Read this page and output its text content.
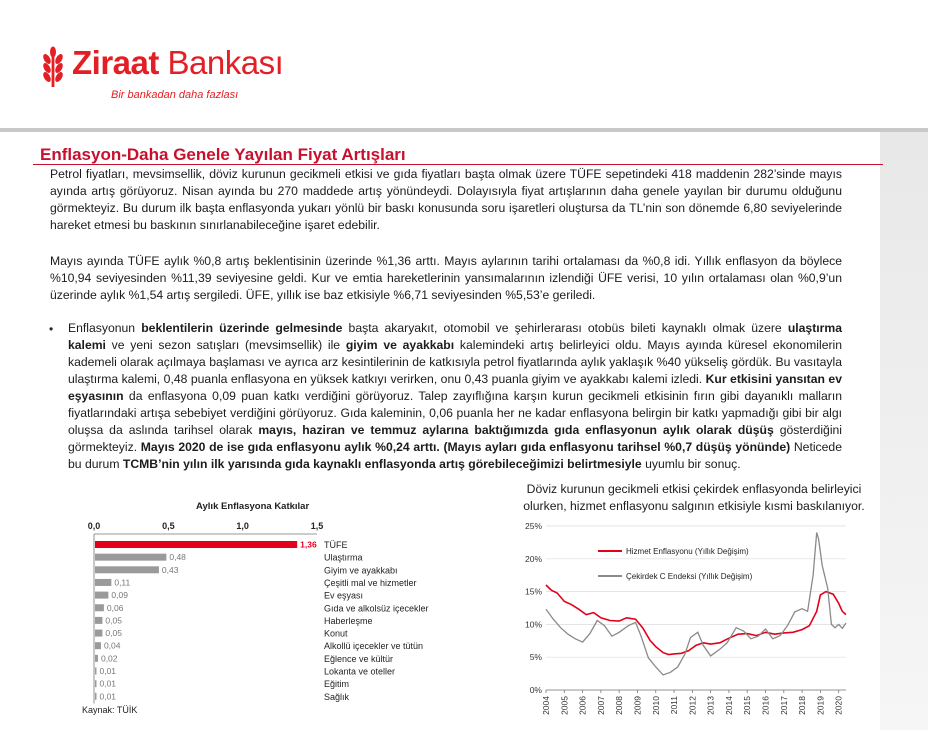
Ziraat Bankası
Bir bankadan daha fazlası
Enflasyon-Daha Genele Yayılan Fiyat Artışları
Petrol fiyatları, mevsimsellik, döviz kurunun gecikmeli etkisi ve gıda fiyatları başta olmak üzere TÜFE sepetindeki 418 maddenin 282’sinde mayıs ayında artış görüyoruz. Nisan ayında bu 270 maddede artış yönündeydi. Dolayısıyla fiyat artışlarının daha genele yayılan bir durumu olduğunu görmekteyiz. Bu durum ilk başta enflasyonda yukarı yönlü bir baskı konusunda soru işaretleri oluştursa da TL’nin son dönemde 6,80 seviyelerinde hareket etmesi bu baskının sınırlanabileceğine işaret edebilir.
Mayıs ayında TÜFE aylık %0,8 artış beklentisinin üzerinde %1,36 arttı. Mayıs aylarının tarihi ortalaması da %0,8 idi. Yıllık enflasyon da böylece %10,94 seviyesinden %11,39 seviyesine geldi. Kur ve emtia hareketlerinin yansımalarının izlendiği ÜFE verisi, 10 yılın ortalaması olan %0,9’un üzerinde aylık %1,54 artış sergiledi. ÜFE, yıllık ise baz etkisiyle %6,71 seviyesinden %5,53’e geriledi.
• Enflasyonun beklentilerin üzerinde gelmesinde başta akaryakıt, otomobil ve şehirlerarası otobüs bileti kaynaklı olmak üzere ulaştırma kalemi ve yeni sezon satışları (mevsimsellik) ile giyim ve ayakkabı kalemindeki artış belirleyici oldu. Mayıs ayında küresel ekonomilerin kademeli olarak açılmaya başlaması ve ayrıca arz kesintilerinin de katkısıyla petrol fiyatlarında aylık yaklaşık %40 yükseliş gördük. Bu vasıtayla ulaştırma kalemi, 0,48 puanla enflasyona en yüksek katkıyı verirken, onu 0,43 puanla giyim ve ayakkabı kalemi izledi. Kur etkisini yansıtan ev eşyasının da enflasyona 0,09 puan katkı verdiğini görüyoruz. Talep zayıflığına karşın kurun gecikmeli etkisinin fırın gibi dayanıklı malların fiyatlarındaki artışa sebebiyet verdiğini görüyoruz. Gıda kaleminin, 0,06 puanla her ne kadar enflasyona belirgin bir katkı yapmadığı gibi bir algı oluşsa da aslında tarihsel olarak mayıs, haziran ve temmuz aylarına baktığımızda gıda enflasyonun aylık olarak düşüş gösterdiğini görmekteyiz. Mayıs 2020 de ise gıda enflasyonu aylık %0,24 arttı. (Mayıs ayları gıda enflasyonu tarihsel %0,7 düşüş yönünde) Neticede bu durum TCMB’nin yılın ilk yarısında gıda kaynaklı enflasyonda artış görebileceğimizi belirtmesiyle uyumlu bir sonuç.
Döviz kurunun gecikmeli etkisi çekirdek enflasyonda belirleyici olurken, hizmet enflasyonu salgının etkisiyle kısmi baskılanıyor.
Aylık Enflasyona Katkılar
0,0	0,5	1,0	1,5
1,36 TÜFE
0,48	Ulaştırma
0,43	Giyim ve ayakkabı
0,11	Çeşitli mal ve hizmetler
0,09	Ev eşyası
0,06	Gıda ve alkolsüz içecekler
0,05	Haberleşme
0,05	Konut
0,04	Alkollü içecekler ve tütün
0,02	Eğlence ve kültür
0,01	Lokanta ve oteller
0,01	Eğitim
0,01	Sağlık
Kaynak: TÜİK
0%
5%
10%
15%
20%
25%
2004 2005 2006 2007 2008 2009 2010 2011 2012 2013 2014 2015 2016 2017 2018 2019 2020
Hizmet Enflasyonu (Yıllık Değişim)
Çekirdek C Endeksi (Yıllık Değişim)
